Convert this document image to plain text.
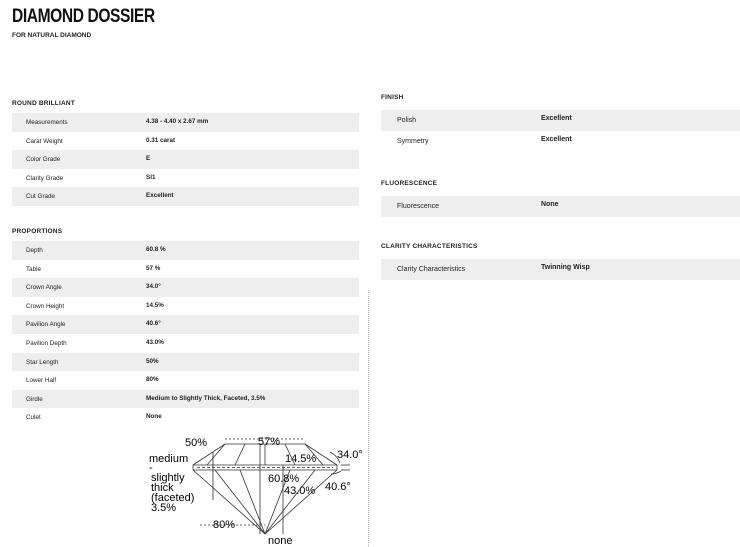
DIAMOND DOSSIER
FOR NATURAL DIAMOND
ROUND BRILLIANT
Measurements	4.38 - 4.40 x 2.67 mm
Carat Weight	0.31 carat
Color Grade	E
Clarity Grade	SI1
Cut Grade	Excellent
PROPORTIONS
Depth	60.8 %
Table	57 %
Crown Angle	34.0°
Crown Height	14.5%
Pavilion Angle	40.6°
Pavilion Depth	43.0%
Star Length	50%
Lower Half	80%
Girdle	Medium to Slightly Thick, Faceted, 3.5%
Culet	None
FINISH
Polish	Excellent
Symmetry	Excellent
FLUORESCENCE
Fluorescence	None
CLARITY CHARACTERISTICS
Clarity Characteristics	Twinning Wisp
50%	57%
34.0°
14.5%
medium
-
slightly
thick
(faceted)
3.5%
60.8%
43.0% 40.6°
80%
none
